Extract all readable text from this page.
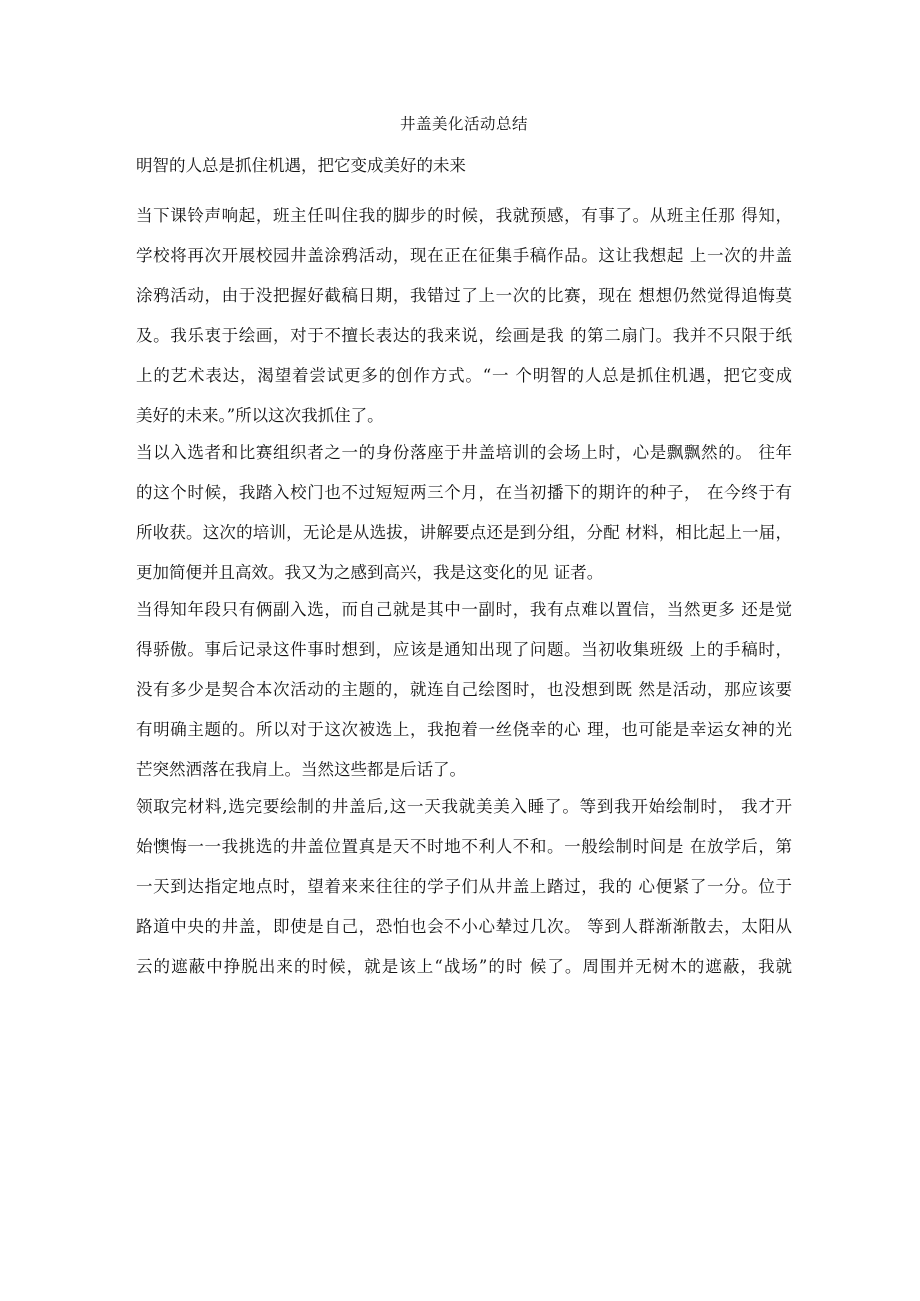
井盖美化活动总结
明智的人总是抓住机遇，把它变成美好的未来
当下课铃声响起，班主任叫住我的脚步的时候，我就预感，有事了。从班主任那 得知，
学校将再次开展校园井盖涂鸦活动，现在正在征集手稿作品。这让我想起 上一次的井盖
涂鸦活动，由于没把握好截稿日期，我错过了上一次的比赛，现在 想想仍然觉得追悔莫
及。我乐衷于绘画，对于不擅长表达的我来说，绘画是我 的第二扇门。我并不只限于纸
上的艺术表达，渴望着尝试更多的创作方式。“一 个明智的人总是抓住机遇，把它变成
美好的未来。”所以这次我抓住了。
当以入选者和比赛组织者之一的身份落座于井盖培训的会场上时，心是飘飘然的。 往年
的这个时候，我踏入校门也不过短短两三个月，在当初播下的期许的种子， 在今终于有
所收获。这次的培训，无论是从选拔，讲解要点还是到分组，分配 材料，相比起上一届，
更加简便并且高效。我又为之感到高兴，我是这变化的见 证者。
当得知年段只有俩副入选，而自己就是其中一副时，我有点难以置信，当然更多 还是觉
得骄傲。事后记录这件事时想到，应该是通知出现了问题。当初收集班级 上的手稿时，
没有多少是契合本次活动的主题的，就连自己绘图时，也没想到既 然是活动，那应该要
有明确主题的。所以对于这次被选上，我抱着一丝侥幸的心 理，也可能是幸运女神的光
芒突然洒落在我肩上。当然这些都是后话了。
领取完材料,选完要绘制的井盖后,这一天我就美美入睡了。等到我开始绘制时， 我才开
始懊悔一一我挑选的井盖位置真是天不时地不利人不和。一般绘制时间是 在放学后，第
一天到达指定地点时，望着来来往往的学子们从井盖上踏过，我的 心便紧了一分。位于
路道中央的井盖，即使是自己，恐怕也会不小心辇过几次。 等到人群渐渐散去，太阳从
云的遮蔽中挣脱出来的时候，就是该上“战场”的时 候了。周围并无树木的遮蔽，我就
